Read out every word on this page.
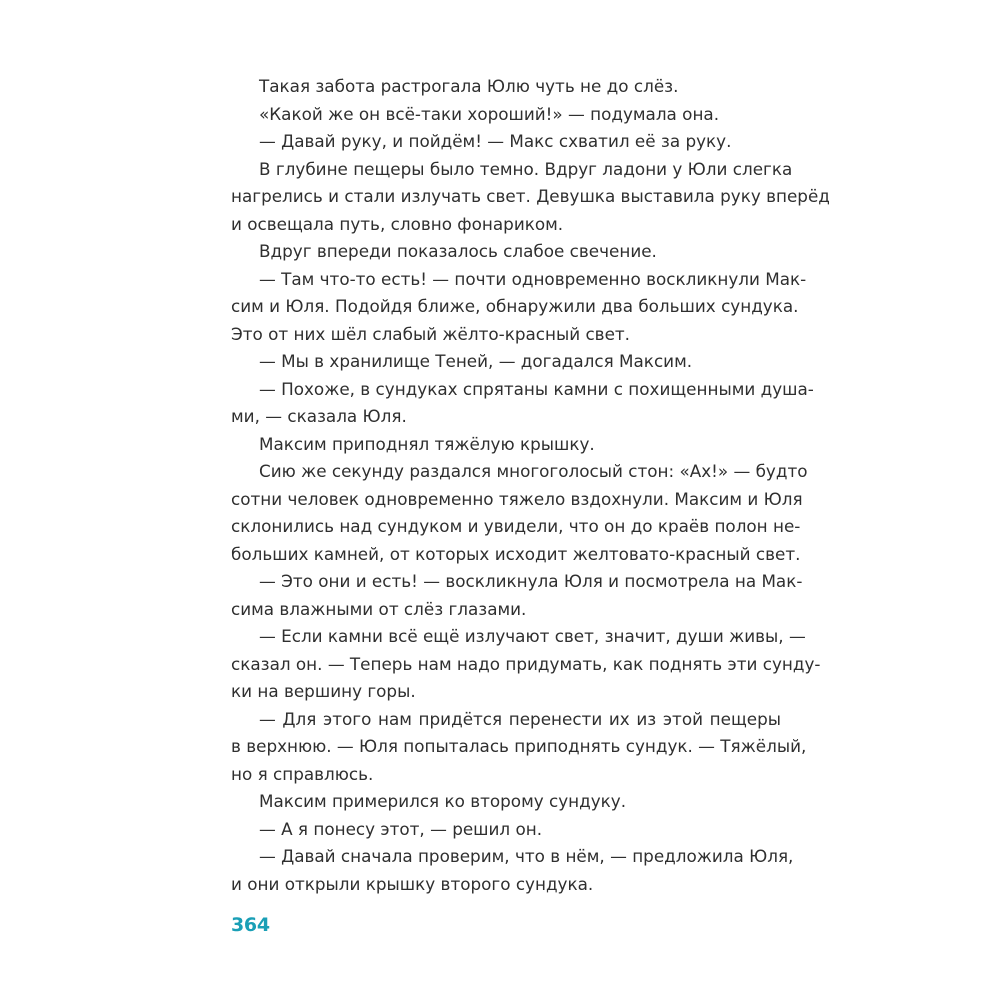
Такая забота растрогала Юлю чуть не до слёз.
«Какой же он всё-таки хороший!» — подумала она.
— Давай руку, и пойдём! — Макс схватил её за руку.
В глубине пещеры было темно. Вдруг ладони у Юли слегка
нагрелись и стали излучать свет. Девушка выставила руку вперёд
и освещала путь, словно фонариком.
Вдруг впереди показалось слабое свечение.
— Там что-то есть! — почти одновременно воскликнули Мак-
сим и Юля. Подойдя ближе, обнаружили два больших сундука.
Это от них шёл слабый жёлто-красный свет.
— Мы в хранилище Теней, — догадался Максим.
— Похоже, в сундуках спрятаны камни с похищенными душа-
ми, — сказала Юля.
Максим приподнял тяжёлую крышку.
Сию же секунду раздался многоголосый стон: «Ах!» — будто
сотни человек одновременно тяжело вздохнули. Максим и Юля
склонились над сундуком и увидели, что он до краёв полон не-
больших камней, от которых исходит желтовато-красный свет.
— Это они и есть! — воскликнула Юля и посмотрела на Мак-
сима влажными от слёз глазами.
— Если камни всё ещё излучают свет, значит, души живы, —
сказал он. — Теперь нам надо придумать, как поднять эти сунду-
ки на вершину горы.
— Для этого нам придётся перенести их из этой пещеры
в верхнюю. — Юля попыталась приподнять сундук. — Тяжёлый,
но я справлюсь.
Максим примерился ко второму сундуку.
— А я понесу этот, — решил он.
— Давай сначала проверим, что в нём, — предложила Юля,
и они открыли крышку второго сундука.
364
